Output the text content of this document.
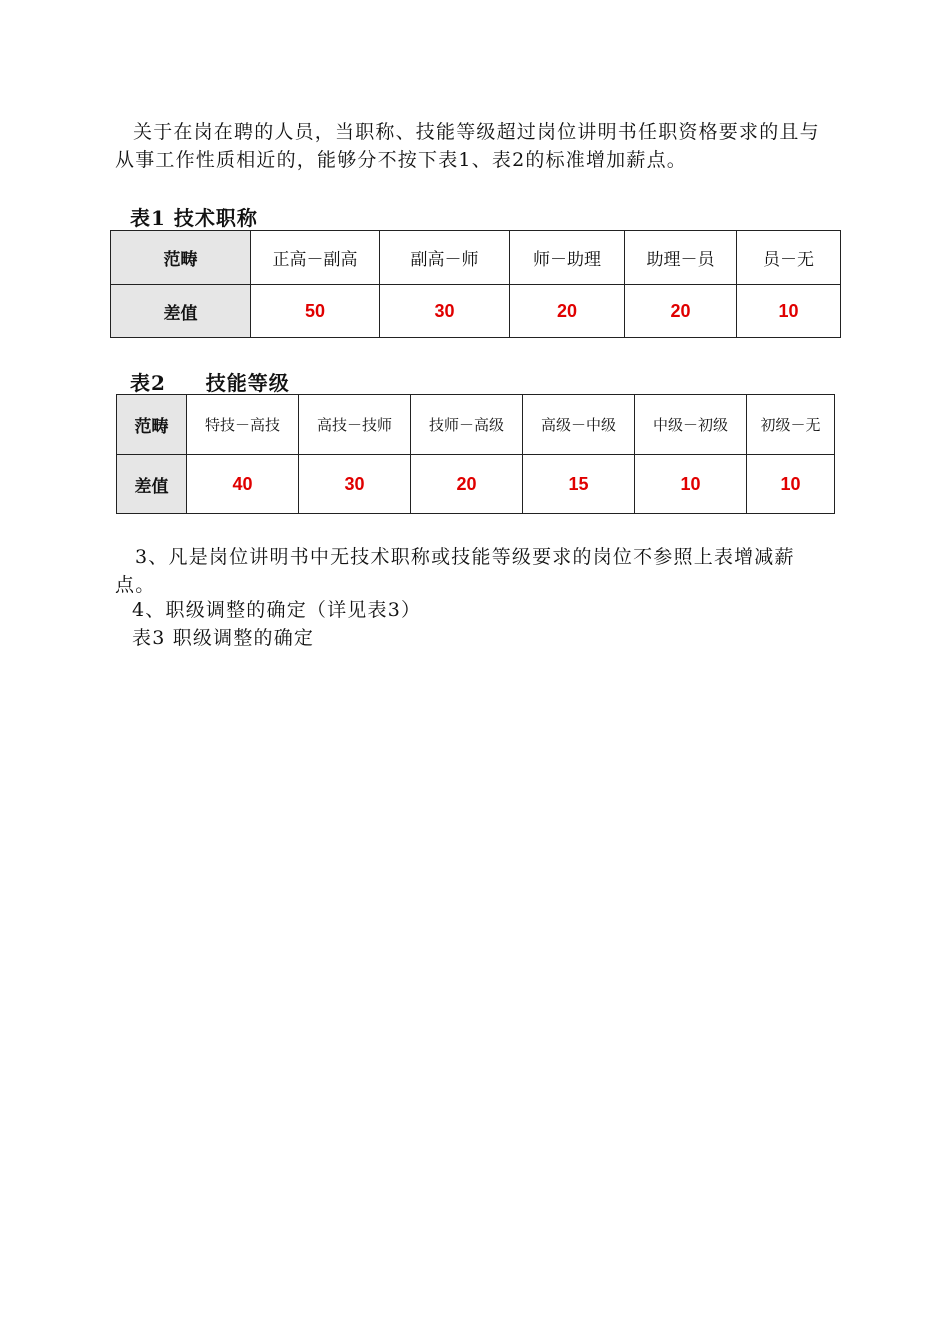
关于在岗在聘的人员，当职称、技能等级超过岗位讲明书任职资格要求的且与从事工作性质相近的，能够分不按下表1、表2的标准增加薪点。
表1 技术职称
范畴	正高－副高	副高－师	师－助理	助理－员	员－无
差值	50	30	20	20	10
表2     技能等级
范畴	特技－高技	高技－技师	技师－高级	高级－中级	中级－初级	初级－无
差值	40	30	20	15	10	10
3、凡是岗位讲明书中无技术职称或技能等级要求的岗位不参照上表增减薪点。
4、职级调整的确定（详见表3）
表3 职级调整的确定
